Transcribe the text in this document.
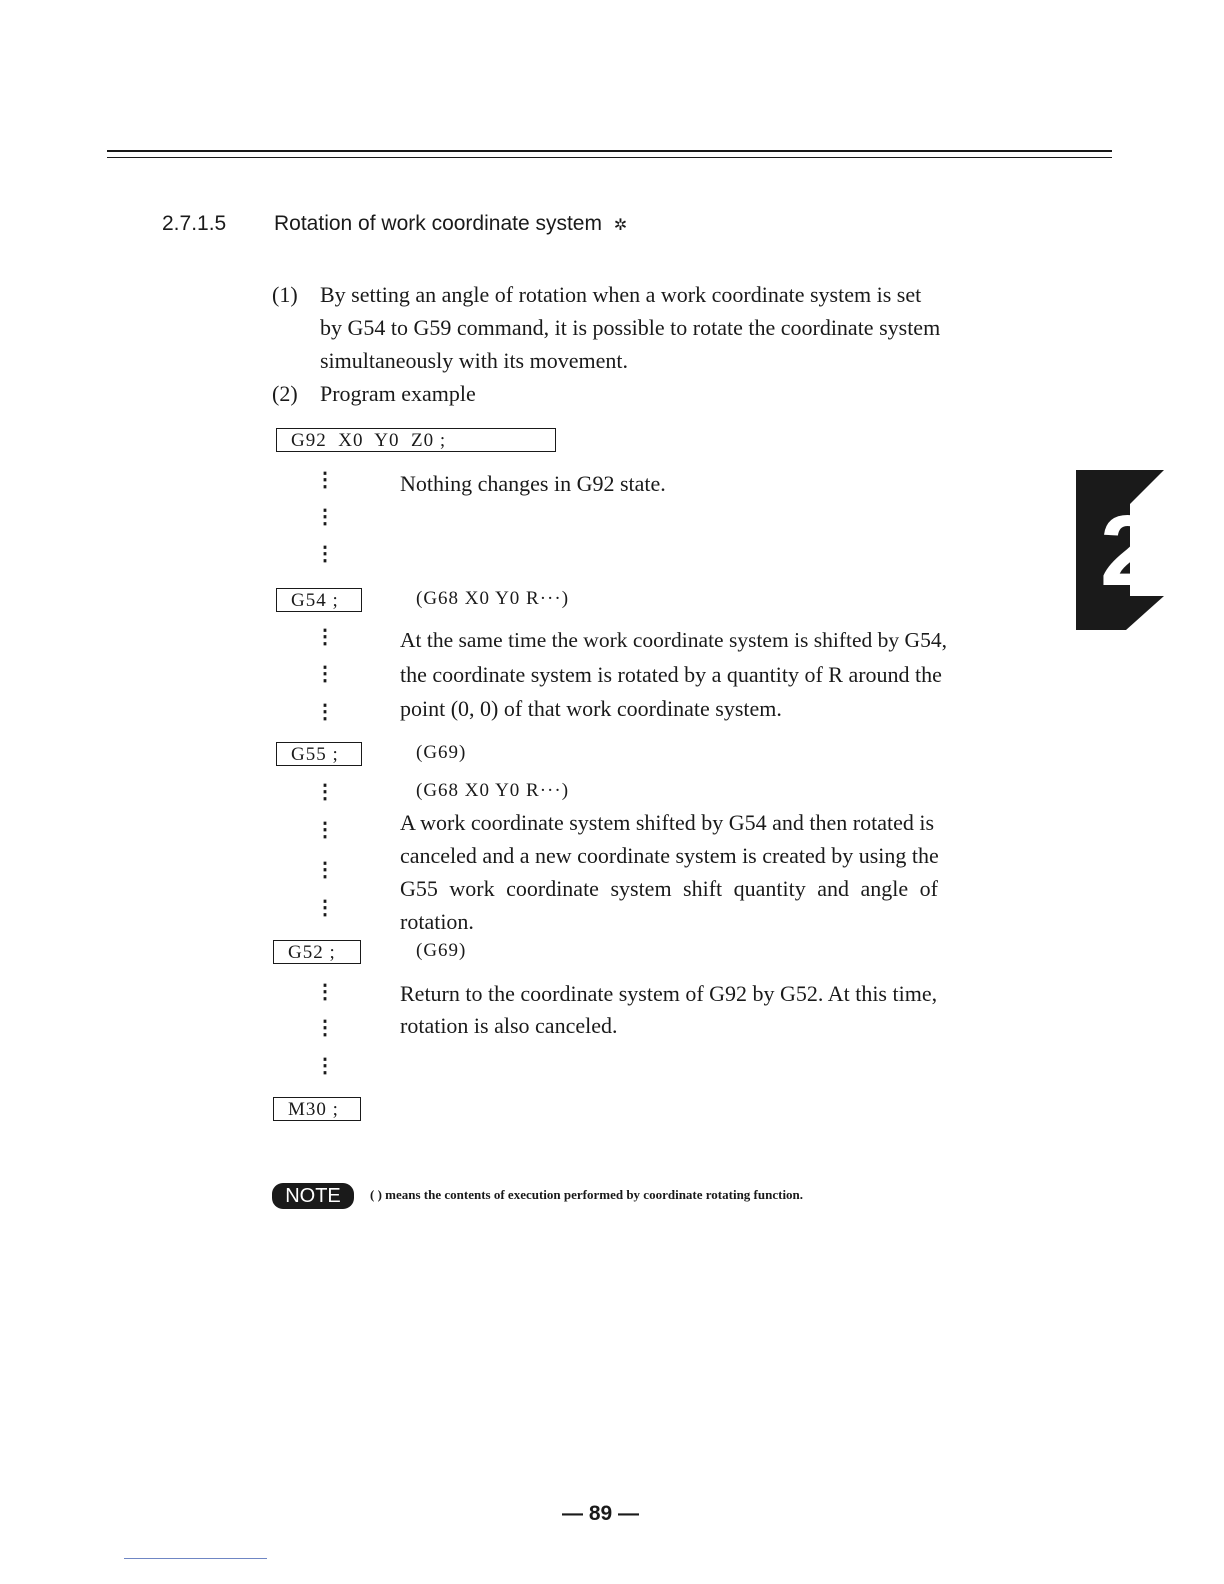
2.7.1.5 Rotation of work coordinate system ✲
(1) By setting an angle of rotation when a work coordinate system is set
by G54 to G59 command, it is possible to rotate the coordinate system
simultaneously with its movement.
(2) Program example
G92  X0  Y0  Z0 ;
⋮
⋮
⋮
Nothing changes in G92 state.
G54 ;	(G68 X0 Y0 R···)
⋮
⋮
⋮
At the same time the work coordinate system is shifted by G54,
the coordinate system is rotated by a quantity of R around the
point (0, 0) of that work coordinate system.
G55 ;	(G69)
(G68 X0 Y0 R···)
⋮
⋮
⋮
⋮
A work coordinate system shifted by G54 and then rotated is
canceled and a new coordinate system is created by using the
G55 work coordinate system shift quantity and angle of
rotation.
G52 ;	(G69)
⋮
⋮
⋮
Return to the coordinate system of G92 by G52. At this time,
rotation is also canceled.
M30 ;
NOTE	( ) means the contents of execution performed by coordinate rotating function.
2
— 89 —
